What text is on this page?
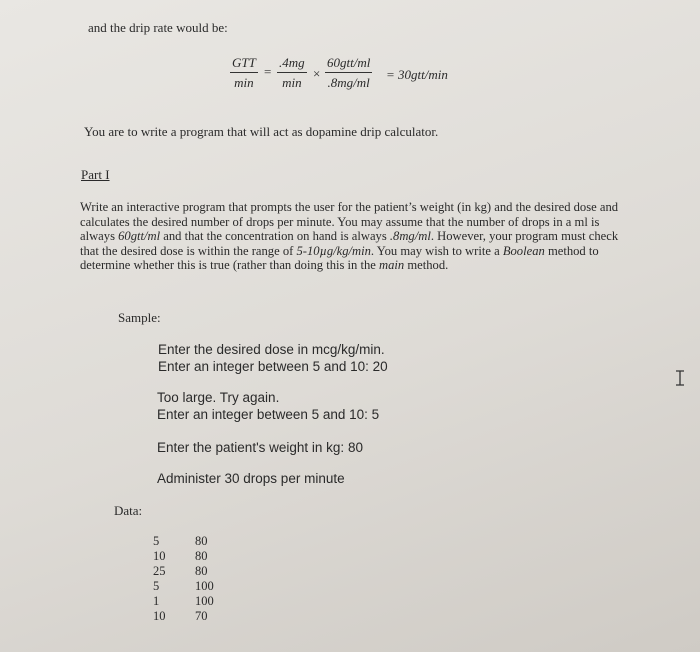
and the drip rate would be:
GTT
min
=
.4mg
min
×
60gtt/ml
.8mg/ml
= 30gtt/min
You are to write a program that will act as dopamine drip calculator.
Part I
Write an interactive program that prompts the user for the patient’s weight (in kg) and the desired dose and calculates the desired number of drops per minute. You may assume that the number of drops in a ml is always 60gtt/ml and that the concentration on hand is always .8mg/ml. However, your program must check that the desired dose is within the range of 5-10µg/kg/min. You may wish to write a Boolean method to determine whether this is true (rather than doing this in the main method.
Sample:
Enter the desired dose in mcg/kg/min.
Enter an integer between 5 and 10: 20
Too large. Try again.
Enter an integer between 5 and 10: 5
Enter the patient's weight in kg: 80
Administer 30 drops per minute
Data:
5
10
25
5
1
10
80
80
80
100
100
70
